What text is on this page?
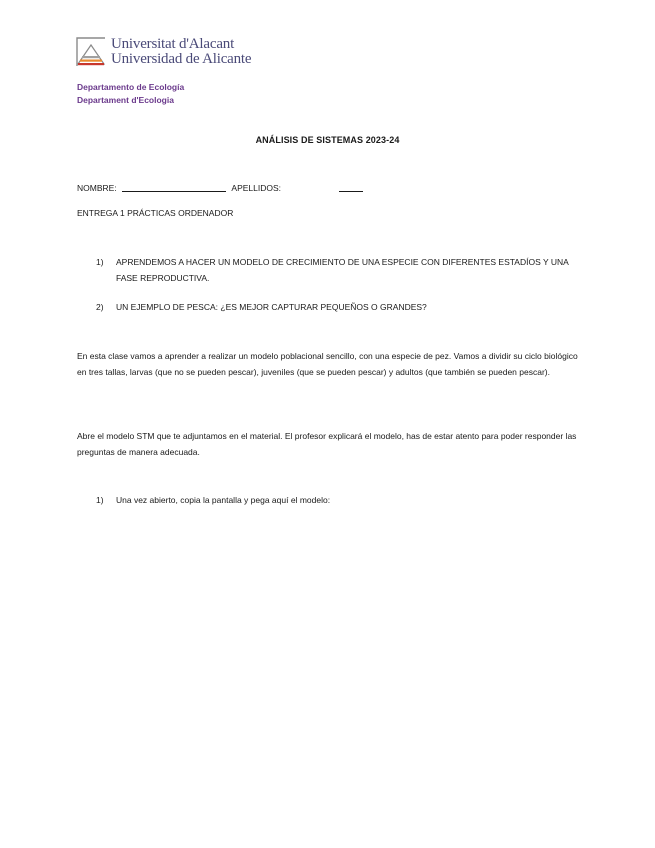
Universitat d'Alacant
Universidad de Alicante
Departamento de Ecología
Departament d'Ecologia
ANÁLISIS DE SISTEMAS 2023-24
NOMBRE:	APELLIDOS:
ENTREGA 1 PRÁCTICAS ORDENADOR
1) APRENDEMOS A HACER UN MODELO DE CRECIMIENTO DE UNA ESPECIE CON DIFERENTES ESTADÍOS Y UNA FASE REPRODUCTIVA.
2) UN EJEMPLO DE PESCA: ¿ES MEJOR CAPTURAR PEQUEÑOS O GRANDES?
En esta clase vamos a aprender a realizar un modelo poblacional sencillo, con una especie de pez. Vamos a dividir su ciclo biológico en tres tallas, larvas (que no se pueden pescar), juveniles (que se pueden pescar) y adultos (que también se pueden pescar).
Abre el modelo STM que te adjuntamos en el material. El profesor explicará el modelo, has de estar atento para poder responder las preguntas de manera adecuada.
1) Una vez abierto, copia la pantalla y pega aquí el modelo:
